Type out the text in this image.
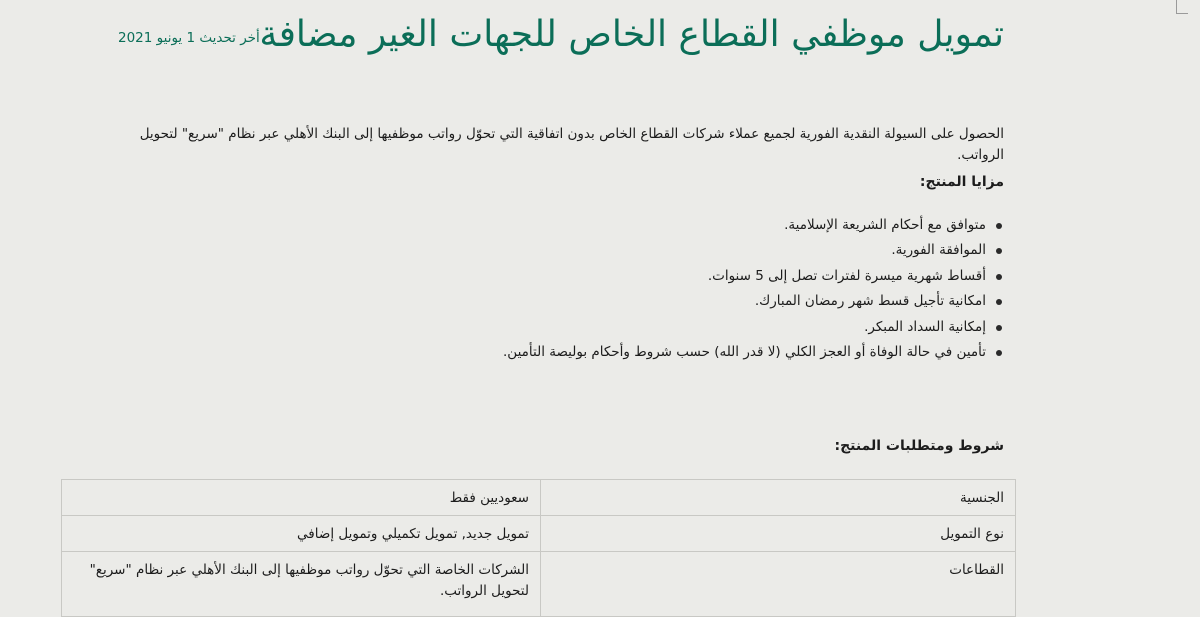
تمويل موظفي القطاع الخاص للجهات الغير مضافة
أخر تحديث 1 يونيو 2021

الحصول على السيولة النقدية الفورية لجميع عملاء شركات القطاع الخاص بدون اتفاقية التي تحوّل رواتب موظفيها إلى البنك الأهلي عبر نظام "سريع" لتحويل الرواتب.

مزايا المنتج:
متوافق مع أحكام الشريعة الإسلامية.
الموافقة الفورية.
أقساط شهرية ميسرة لفترات تصل إلى 5 سنوات.
امكانية تأجيل قسط شهر رمضان المبارك.
إمكانية السداد المبكر.
تأمين في حالة الوفاة أو العجز الكلي (لا قدر الله) حسب شروط وأحكام بوليصة التأمين.
شروط ومتطلبات المنتج:
الجنسية	سعوديين فقط
نوع التمويل	تمويل جديد, تمويل تكميلي وتمويل إضافي
القطاعات	الشركات الخاصة التي تحوّل رواتب موظفيها إلى البنك الأهلي عبر نظام "سريع" لتحويل الرواتب.
